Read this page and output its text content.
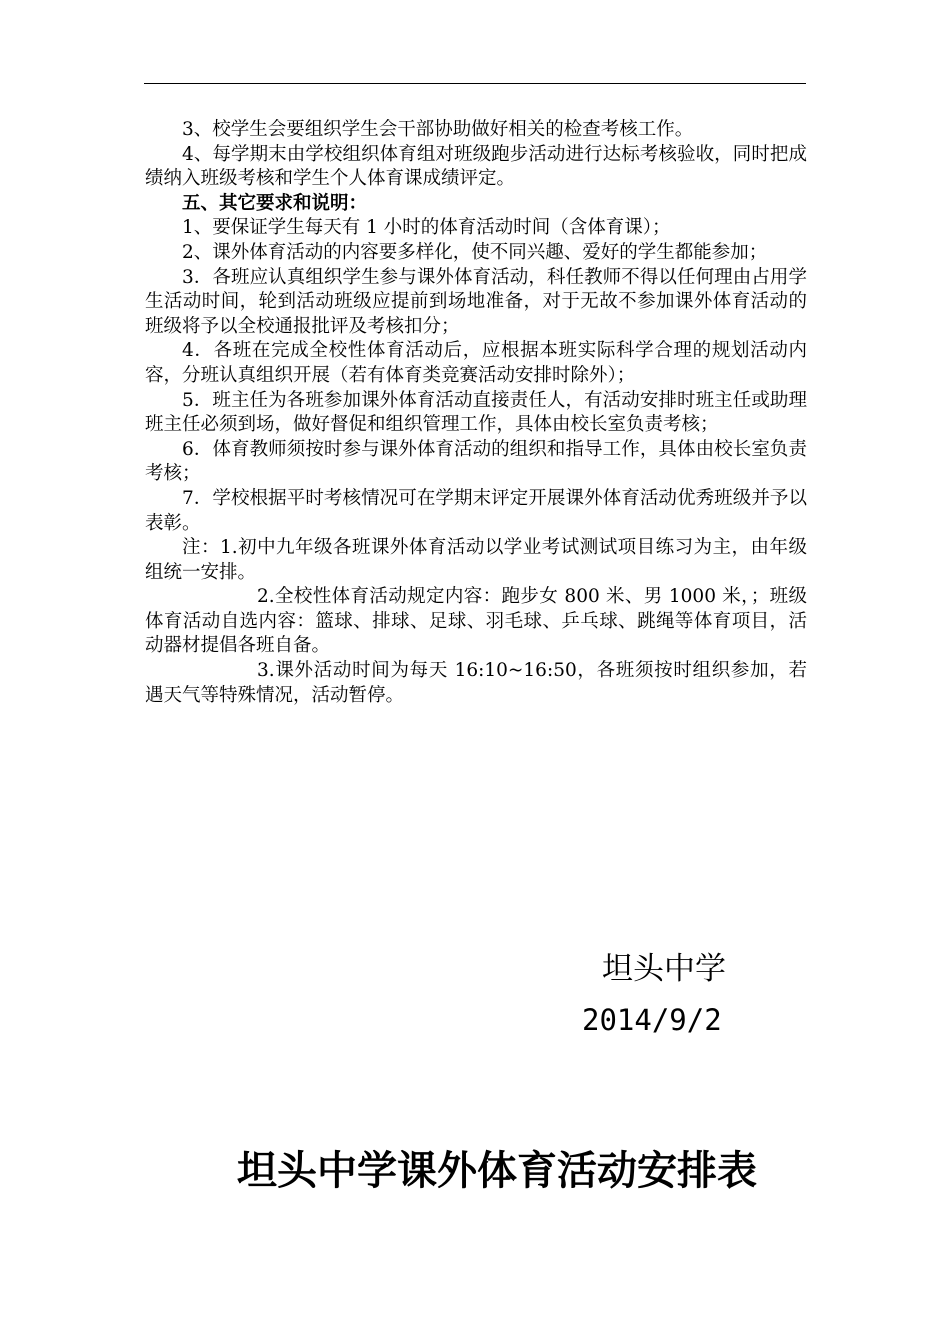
3、校学生会要组织学生会干部协助做好相关的检查考核工作。

4、每学期末由学校组织体育组对班级跑步活动进行达标考核验收，同时把成绩纳入班级考核和学生个人体育课成绩评定。

五、其它要求和说明：

1、要保证学生每天有 1 小时的体育活动时间（含体育课）；

2、课外体育活动的内容要多样化，使不同兴趣、爱好的学生都能参加；

3．各班应认真组织学生参与课外体育活动，科任教师不得以任何理由占用学生活动时间，轮到活动班级应提前到场地准备，对于无故不参加课外体育活动的班级将予以全校通报批评及考核扣分；

4．各班在完成全校性体育活动后，应根据本班实际科学合理的规划活动内容，分班认真组织开展（若有体育类竞赛活动安排时除外）；

5．班主任为各班参加课外体育活动直接责任人，有活动安排时班主任或助理班主任必须到场，做好督促和组织管理工作，具体由校长室负责考核；

6．体育教师须按时参与课外体育活动的组织和指导工作，具体由校长室负责考核；

7．学校根据平时考核情况可在学期末评定开展课外体育活动优秀班级并予以表彰。

注：1.初中九年级各班课外体育活动以学业考试测试项目练习为主，由年级组统一安排。

2.全校性体育活动规定内容：跑步女 800 米、男 1000 米，；班级体育活动自选内容：篮球、排球、足球、羽毛球、乒乓球、跳绳等体育项目，活动器材提倡各班自备。

3.课外活动时间为每天 16:10~16:50，各班须按时组织参加，若遇天气等特殊情况，活动暂停。

坦头中学
2014/9/2
坦头中学课外体育活动安排表
